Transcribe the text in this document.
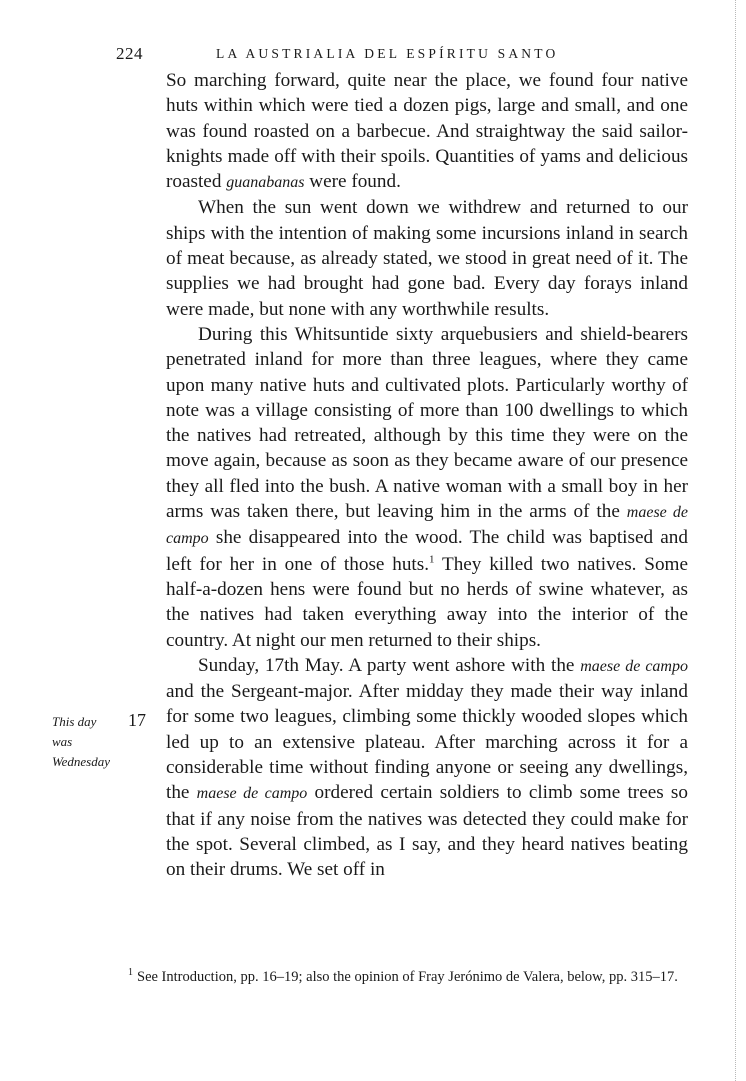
224	LA AUSTRIALIA DEL ESPÍRITU SANTO

So marching forward, quite near the place, we found four native huts within which were tied a dozen pigs, large and small, and one was found roasted on a barbecue. And straightway the said sailor-knights made off with their spoils. Quantities of yams and delicious roasted guanabanas were found.

When the sun went down we withdrew and returned to our ships with the intention of making some incursions inland in search of meat because, as already stated, we stood in great need of it. The supplies we had brought had gone bad. Every day forays inland were made, but none with any worthwhile results.

During this Whitsuntide sixty arquebusiers and shield-bearers penetrated inland for more than three leagues, where they came upon many native huts and cultivated plots. Particularly worthy of note was a village consisting of more than 100 dwellings to which the natives had retreated, although by this time they were on the move again, because as soon as they became aware of our presence they all fled into the bush. A native woman with a small boy in her arms was taken there, but leaving him in the arms of the maese de campo she disappeared into the wood. The child was baptised and left for her in one of those huts.$^1$ They killed two natives. Some half-a-dozen hens were found but no herds of swine whatever, as the natives had taken everything away into the interior of the country. At night our men returned to their ships.

Sunday, 17th May. A party went ashore with the maese de campo and the Sergeant-major. After midday they made their way inland for some two leagues, climbing some thickly wooded slopes which led up to an extensive plateau. After marching across it for a considerable time without finding anyone or seeing any dwellings, the maese de campo ordered certain soldiers to climb some trees so that if any noise from the natives was detected they could make for the spot. Several climbed, as I say, and they heard natives beating on their drums. We set off in

This day
was
Wednesday
17
$^1$ See Introduction, pp. 16–19; also the opinion of Fray Jerónimo de Valera, below, pp. 315–17.
